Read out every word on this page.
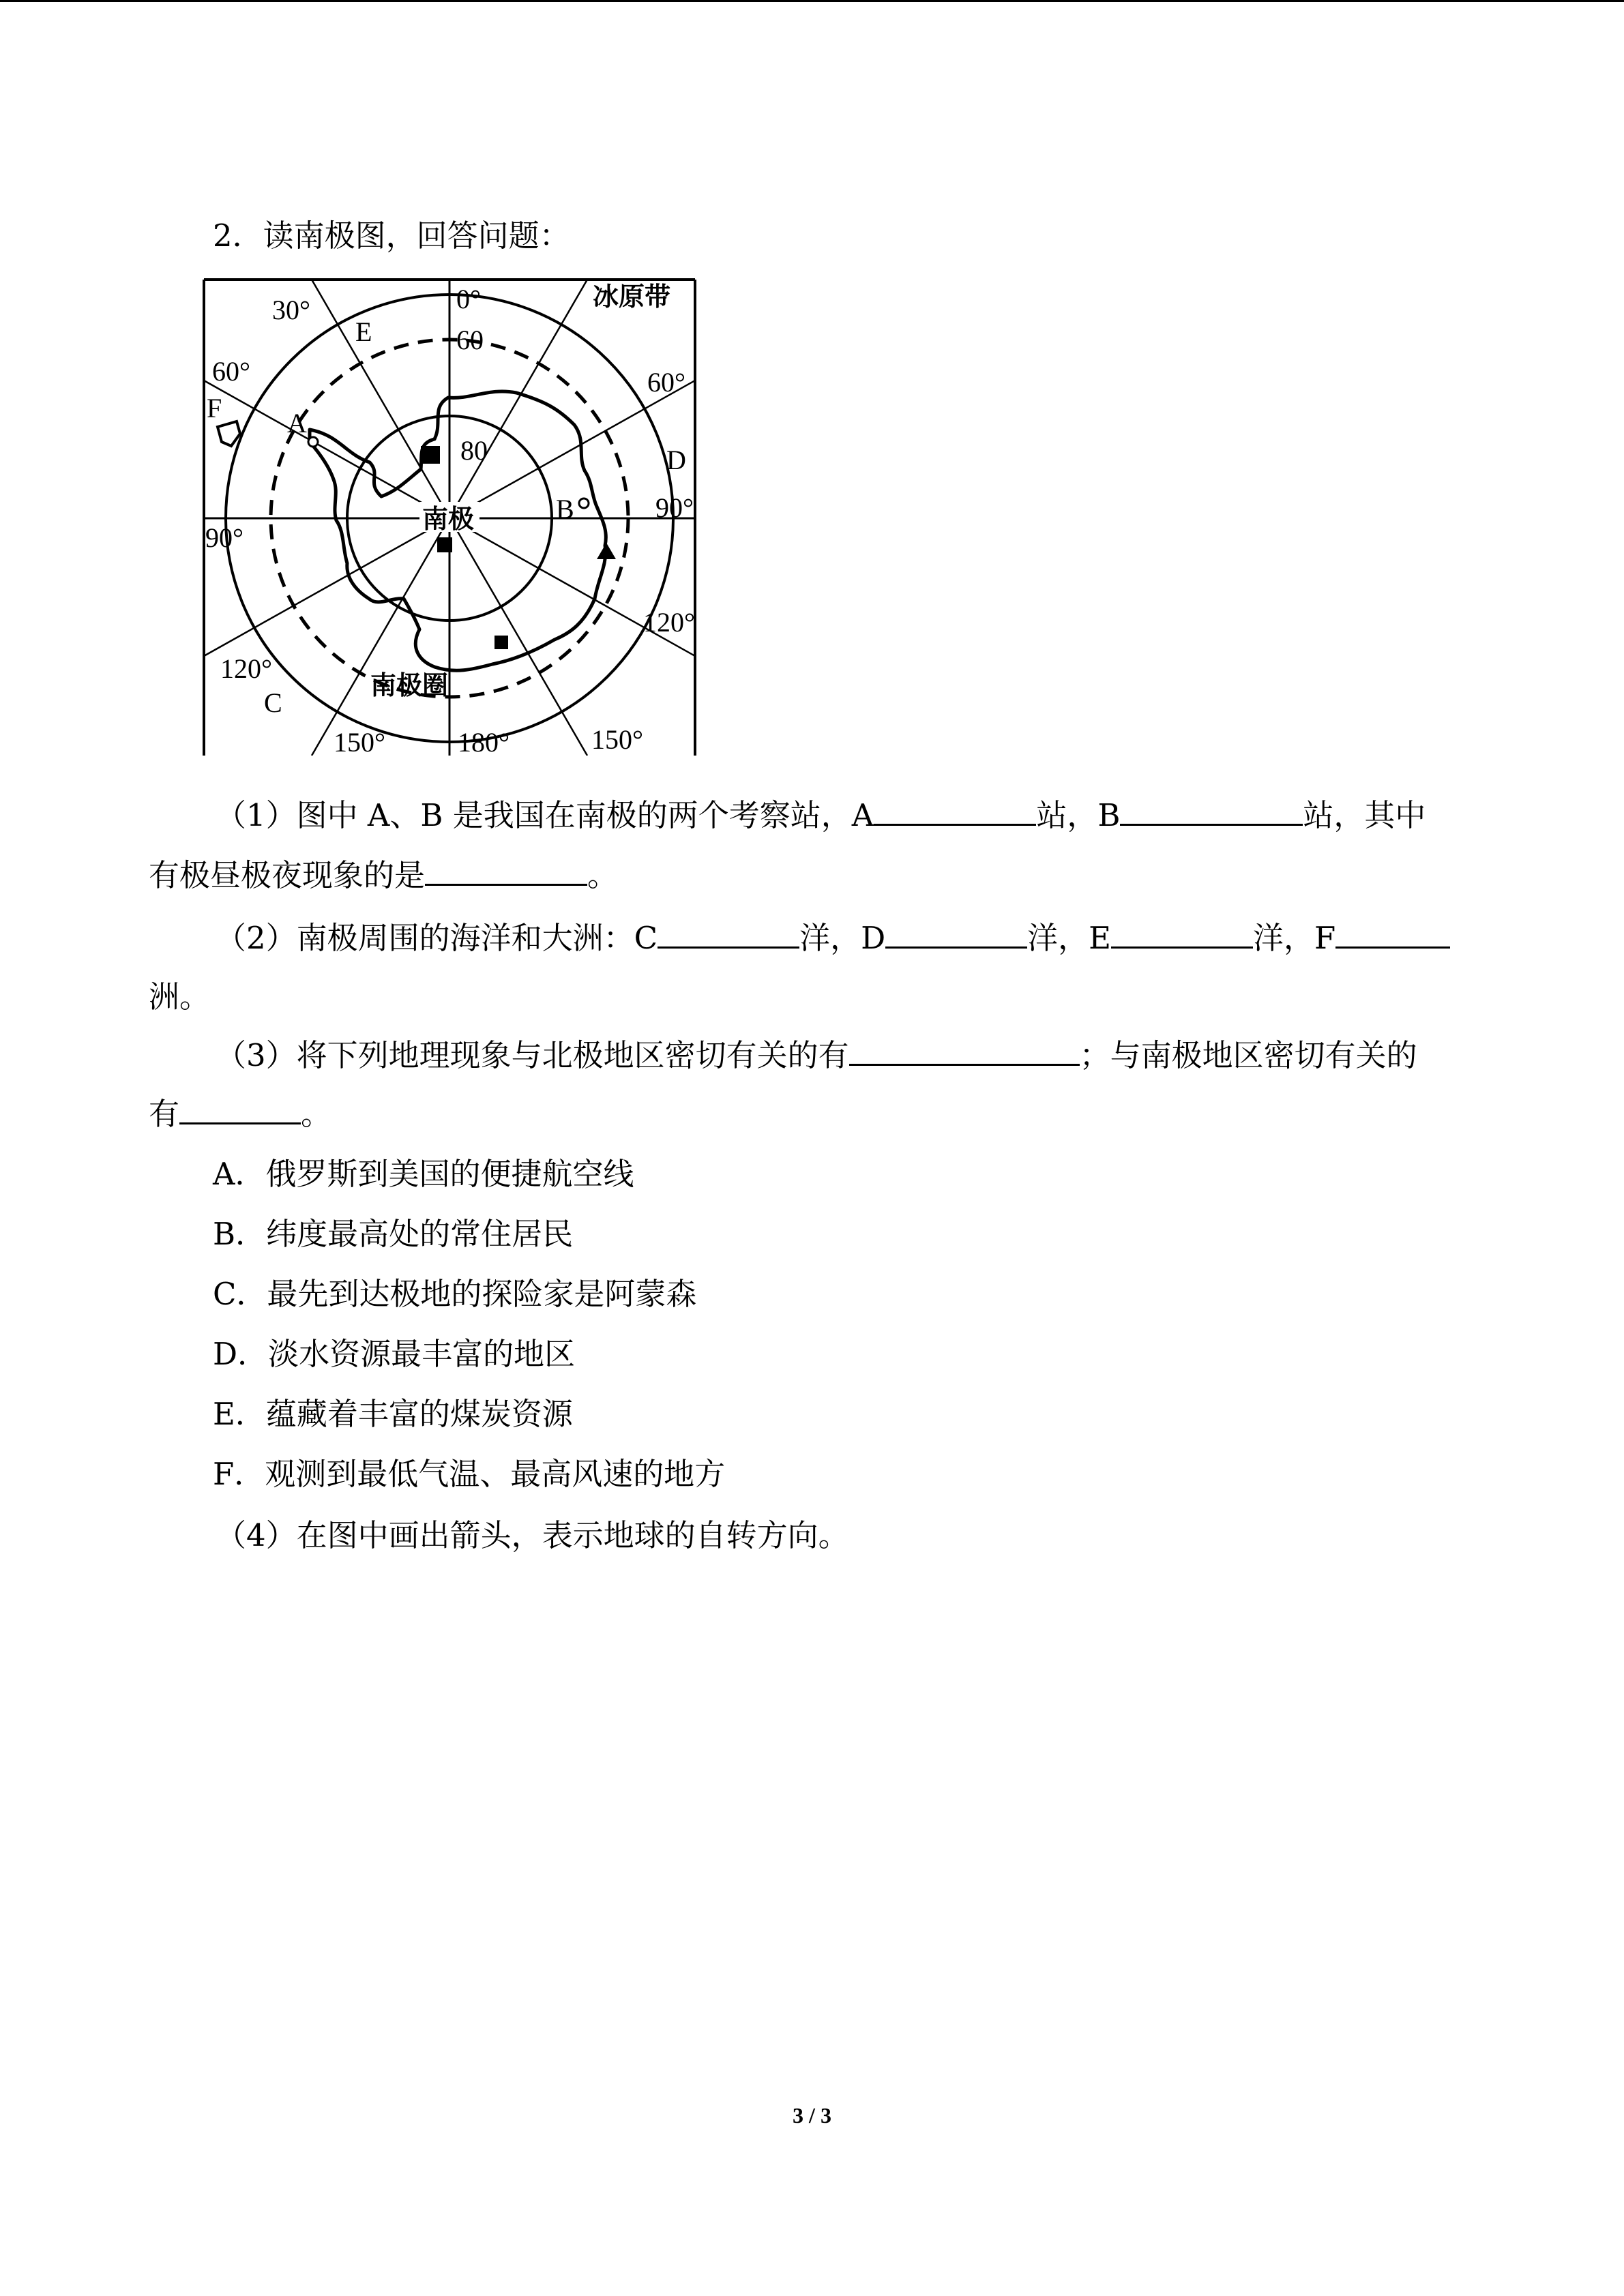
2．读南极图，回答问题：
0°
30°
60°	60°
90°
90°
120°
120°
150°	150°
180°
60
80
冰原带
南极
南极圈
A
B
C
D
E
F
（1）图中 A、B 是我国在南极的两个考察站，A	站，B	站，其中
有极昼极夜现象的是	。
（2）南极周围的海洋和大洲：C	洋，D	洋，E	洋，F
洲。
（3）将下列地理现象与北极地区密切有关的有	；与南极地区密切有关的
有	。
A．俄罗斯到美国的便捷航空线
B．纬度最高处的常住居民
C．最先到达极地的探险家是阿蒙森
D．淡水资源最丰富的地区
E．蕴藏着丰富的煤炭资源
F．观测到最低气温、最高风速的地方
（4）在图中画出箭头，表示地球的自转方向。
3 / 3
